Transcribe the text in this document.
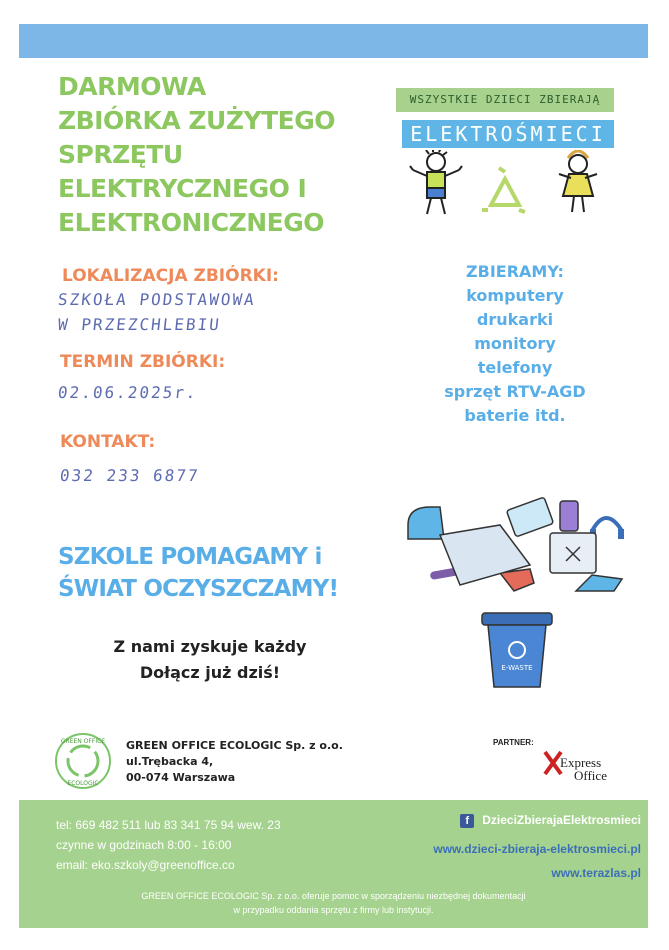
DARMOWA
ZBIÓRKA ZUŻYTEGO
SPRZĘTU
ELEKTRYCZNEGO I
ELEKTRONICZNEGO
WSZYSTKIE DZIECI ZBIERAJĄ
ELEKTROŚMIECI
LOKALIZACJA ZBIÓRKI:
SZKOŁA PODSTAWOWA
W PRZEZCHLEBIU
TERMIN ZBIÓRKI:
02.06.2025r.
KONTAKT:
032 233 6877
ZBIERAMY:
komputery
drukarki
monitory
telefony
sprzęt RTV-AGD
baterie itd.
SZKOLE POMAGAMY i
ŚWIAT OCZYSZCZAMY!
E-WASTE
Z nami zyskuje każdy
Dołącz już dziś!
GREEN OFFICE
ECOLOGIC
GREEN OFFICE ECOLOGIC Sp. z o.o.
ul.Trębacka 4,
00-074 Warszawa
PARTNER:
Express
Office
tel: 669 482 511 lub 83 341 75 94 wew. 23
czynne w godzinach 8:00 - 16:00
email: eko.szkoly@greenoffice.co
f DzieciZbierajaElektrosmieci
www.dzieci-zbieraja-elektrosmieci.pl
www.terazlas.pl
GREEN OFFICE ECOLOGIC Sp. z o.o. oferuje pomoc w sporządzeniu niezbędnej dokumentacji
w przypadku oddania sprzętu z firmy lub instytucji.
